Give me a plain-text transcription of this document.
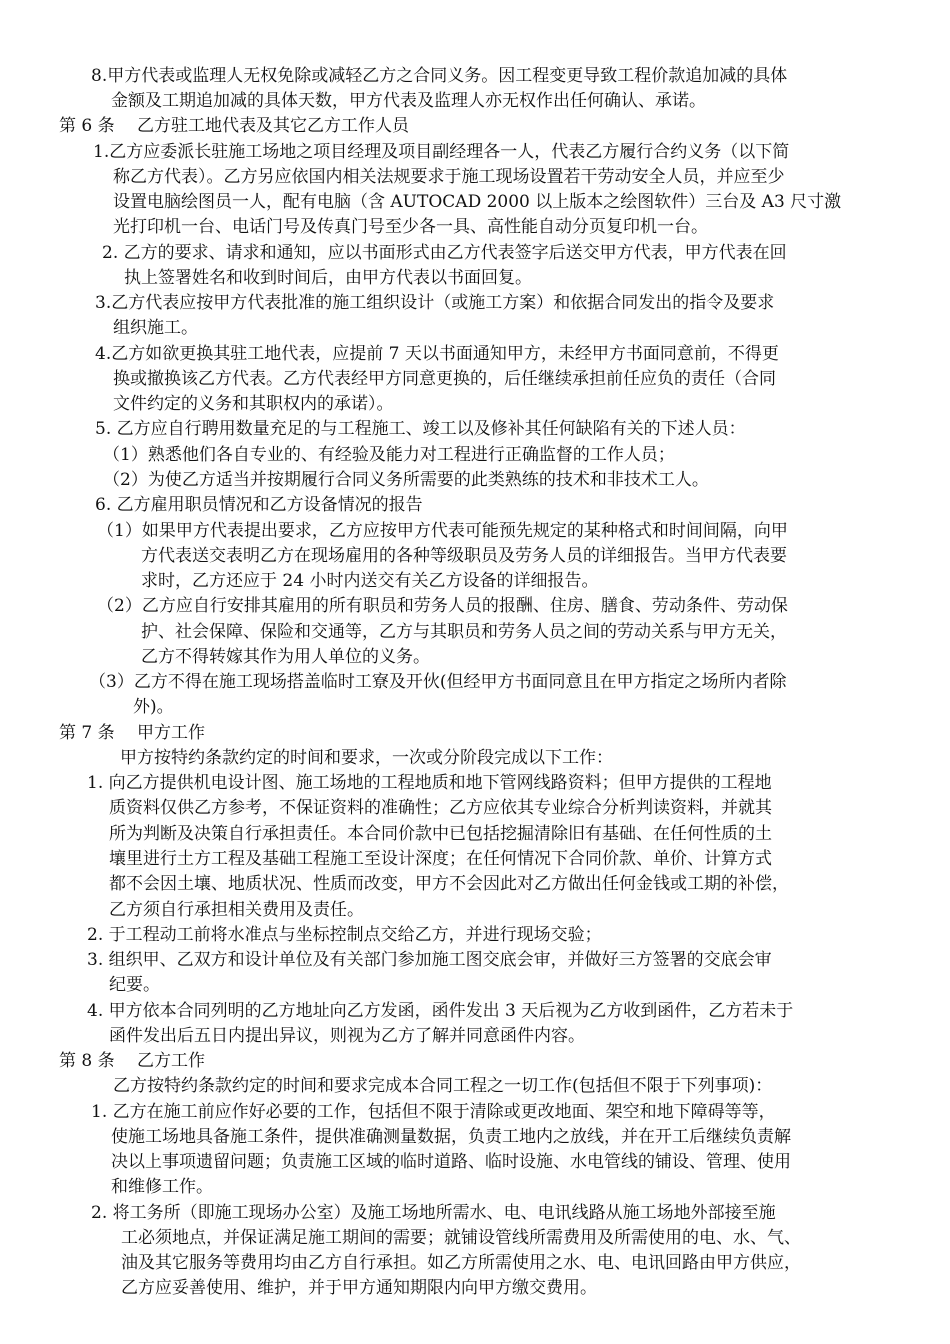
8.甲方代表或监理人无权免除或减轻乙方之合同义务。因工程变更导致工程价款追加减的具体
金额及工期追加减的具体天数，甲方代表及监理人亦无权作出任何确认、承诺。
第 6 条　 乙方驻工地代表及其它乙方工作人员
1.乙方应委派长驻施工场地之项目经理及项目副经理各一人，代表乙方履行合约义务（以下简
称乙方代表）。乙方另应依国内相关法规要求于施工现场设置若干劳动安全人员，并应至少
设置电脑绘图员一人，配有电脑（含 AUTOCAD 2000 以上版本之绘图软件）三台及 A3 尺寸激
光打印机一台、电话门号及传真门号至少各一具、高性能自动分页复印机一台。
2. 乙方的要求、请求和通知，应以书面形式由乙方代表签字后送交甲方代表，甲方代表在回
执上签署姓名和收到时间后，由甲方代表以书面回复。
3.乙方代表应按甲方代表批准的施工组织设计（或施工方案）和依据合同发出的指令及要求
组织施工。
4.乙方如欲更换其驻工地代表，应提前 7 天以书面通知甲方，未经甲方书面同意前，不得更
换或撤换该乙方代表。乙方代表经甲方同意更换的，后任继续承担前任应负的责任（合同
文件约定的义务和其职权内的承诺）。
5. 乙方应自行聘用数量充足的与工程施工、竣工以及修补其任何缺陷有关的下述人员：
（1）熟悉他们各自专业的、有经验及能力对工程进行正确监督的工作人员；
（2）为使乙方适当并按期履行合同义务所需要的此类熟练的技术和非技术工人。
6. 乙方雇用职员情况和乙方设备情况的报告
（1）如果甲方代表提出要求，乙方应按甲方代表可能预先规定的某种格式和时间间隔，向甲
方代表送交表明乙方在现场雇用的各种等级职员及劳务人员的详细报告。当甲方代表要
求时，乙方还应于 24 小时内送交有关乙方设备的详细报告。
（2）乙方应自行安排其雇用的所有职员和劳务人员的报酬、住房、膳食、劳动条件、劳动保
护、社会保障、保险和交通等，乙方与其职员和劳务人员之间的劳动关系与甲方无关，
乙方不得转嫁其作为用人单位的义务。
（3）乙方不得在施工现场搭盖临时工寮及开伙(但经甲方书面同意且在甲方指定之场所内者除
外)。
第 7 条　 甲方工作
甲方按特约条款约定的时间和要求，一次或分阶段完成以下工作：
1. 向乙方提供机电设计图、施工场地的工程地质和地下管网线路资料；但甲方提供的工程地
质资料仅供乙方参考，不保证资料的准确性；乙方应依其专业综合分析判读资料，并就其
所为判断及决策自行承担责任。本合同价款中已包括挖掘清除旧有基础、在任何性质的土
壤里进行土方工程及基础工程施工至设计深度；在任何情况下合同价款、单价、计算方式
都不会因土壤、地质状况、性质而改变，甲方不会因此对乙方做出任何金钱或工期的补偿，
乙方须自行承担相关费用及责任。
2. 于工程动工前将水准点与坐标控制点交给乙方，并进行现场交验；
3. 组织甲、乙双方和设计单位及有关部门参加施工图交底会审，并做好三方签署的交底会审
纪要。
4. 甲方依本合同列明的乙方地址向乙方发函，函件发出 3 天后视为乙方收到函件，乙方若未于
函件发出后五日内提出异议，则视为乙方了解并同意函件内容。
第 8 条　 乙方工作
乙方按特约条款约定的时间和要求完成本合同工程之一切工作(包括但不限于下列事项)：
1. 乙方在施工前应作好必要的工作，包括但不限于清除或更改地面、架空和地下障碍等等，
使施工场地具备施工条件，提供准确测量数据，负责工地内之放线，并在开工后继续负责解
决以上事项遗留问题；负责施工区域的临时道路、临时设施、水电管线的铺设、管理、使用
和维修工作。
2. 将工务所（即施工现场办公室）及施工场地所需水、电、电讯线路从施工场地外部接至施
工必须地点，并保证满足施工期间的需要；就铺设管线所需费用及所需使用的电、水、气、
油及其它服务等费用均由乙方自行承担。如乙方所需使用之水、电、电讯回路由甲方供应，
乙方应妥善使用、维护，并于甲方通知期限内向甲方缴交费用。
